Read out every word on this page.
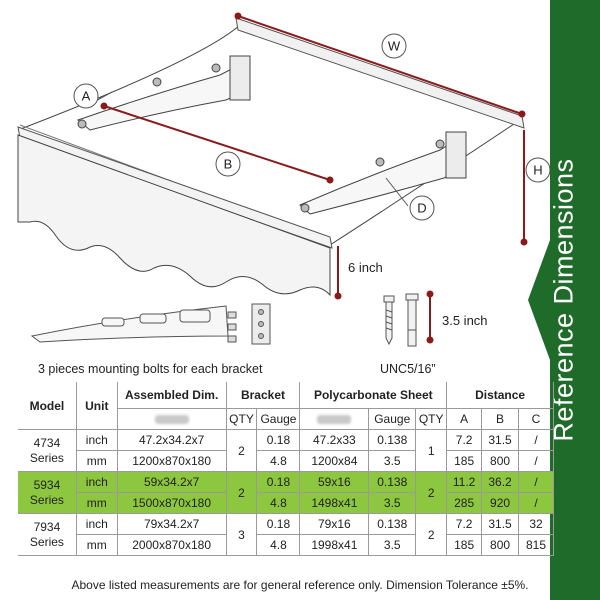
W
A
B
D
H
6 inch
3.5 inch Reference Dimensions
3 pieces mounting bolts for each bracket	UNC5/16”
Model	Unit	Assembled Dim.	Bracket		Polycarbonate Sheet			Distance		
			QTY	Gauge		Gauge	QTY	A	B	C
4734 Series	inch	47.2x34.2x7	2	0.18	47.2x33	0.138	1	7.2	31.5	/
	mm	1200x870x180		4.8	1200x84	3.5		185	800	/
5934 Series	inch	59x34.2x7	2	0.18	59x16	0.138	2	11.2	36.2	/
	mm	1500x870x180		4.8	1498x41	3.5		285	920	/
7934 Series	inch	79x34.2x7	3	0.18	79x16	0.138	2	7.2	31.5	32
	mm	2000x870x180		4.8	1998x41	3.5		185	800	815
Above listed measurements are for general reference only. Dimension Tolerance ±5%.
